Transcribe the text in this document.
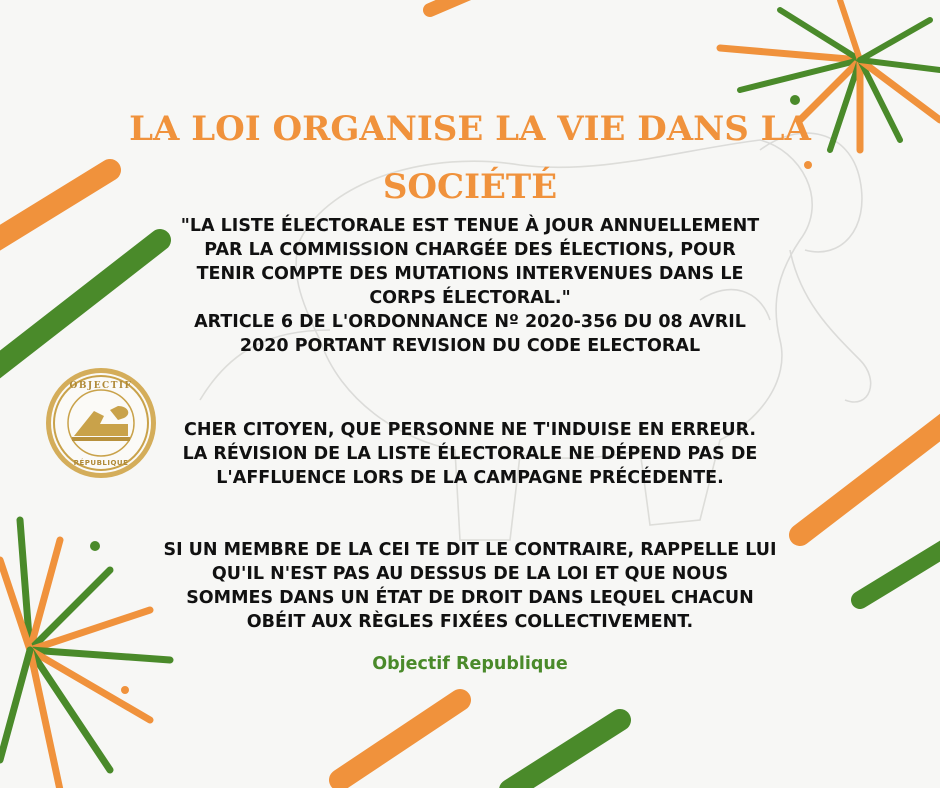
OBJECTIF
RÉPUBLIQUE
LA LOI ORGANISE LA VIE DANS LA
SOCIÉTÉ

"LA LISTE ÉLECTORALE EST TENUE À JOUR ANNUELLEMENT

PAR LA COMMISSION CHARGÉE DES ÉLECTIONS, POUR

TENIR COMPTE DES MUTATIONS INTERVENUES DANS LE

CORPS ÉLECTORAL."

ARTICLE 6 DE L'ORDONNANCE Nº 2020-356 DU 08 AVRIL

2020 PORTANT REVISION DU CODE ELECTORAL

CHER CITOYEN, QUE PERSONNE NE T'INDUISE EN ERREUR.

LA RÉVISION DE LA LISTE ÉLECTORALE NE DÉPEND PAS DE

L'AFFLUENCE LORS DE LA CAMPAGNE PRÉCÉDENTE.

SI UN MEMBRE DE LA CEI TE DIT LE CONTRAIRE, RAPPELLE LUI

QU'IL N'EST PAS AU DESSUS DE LA LOI ET QUE NOUS

SOMMES DANS UN ÉTAT DE DROIT DANS LEQUEL CHACUN

OBÉIT AUX RÈGLES FIXÉES COLLECTIVEMENT.

Objectif Republique
